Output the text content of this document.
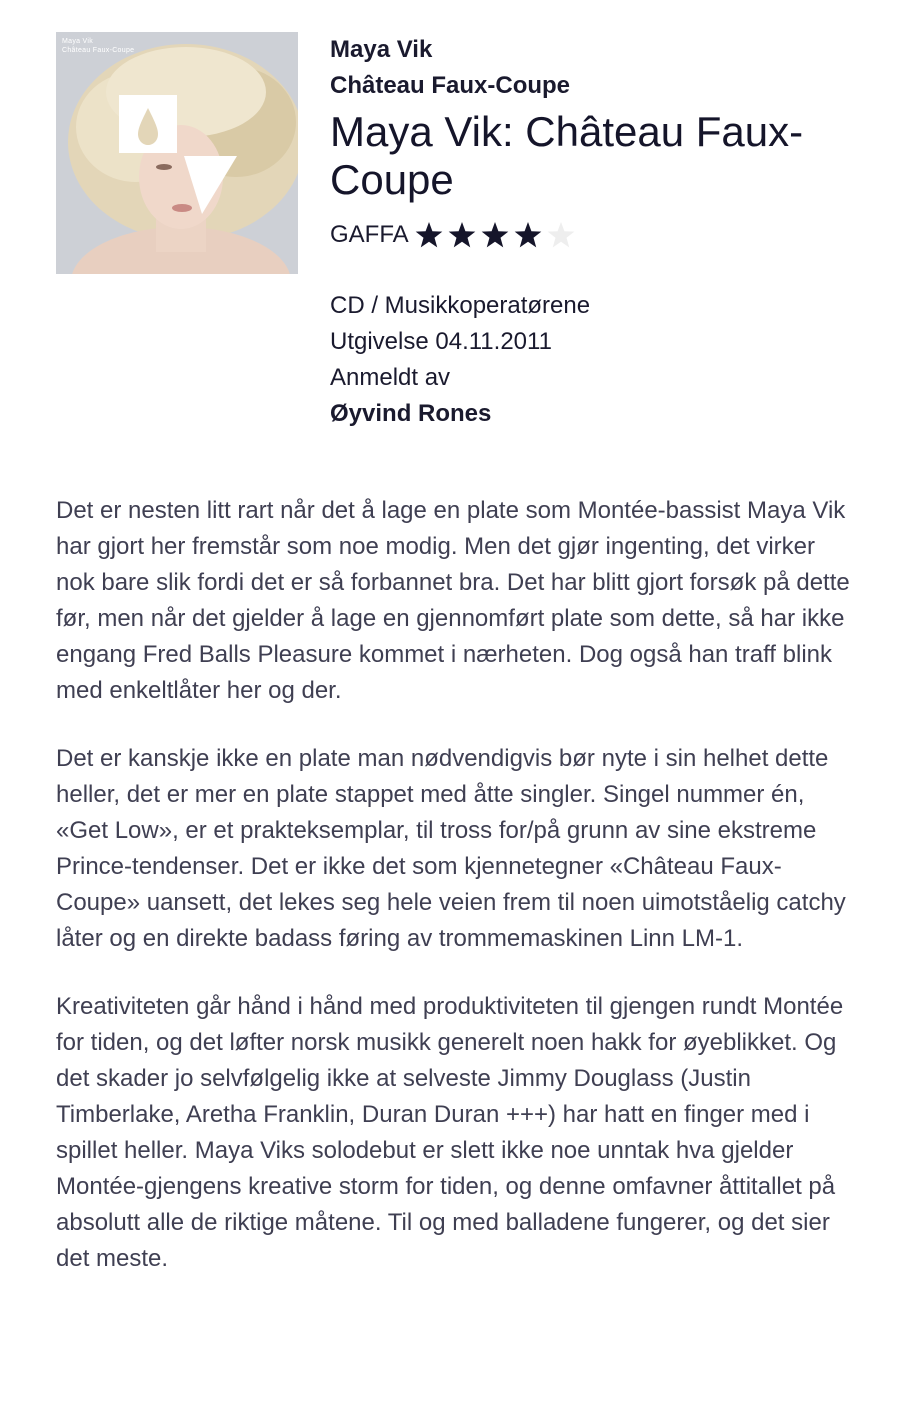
Maya Vik
Château Faux-Coupe	Maya Vik
Château Faux-Coupe
Maya Vik: Château Faux-Coupe
GAFFA
CD / Musikkoperatørene
Utgivelse 04.11.2011
Anmeldt av
Øyvind Rones

Det er nesten litt rart når det å lage en plate som Montée-bassist Maya Vik har gjort her fremstår som noe modig. Men det gjør ingenting, det virker nok bare slik fordi det er så forbannet bra. Det har blitt gjort forsøk på dette før, men når det gjelder å lage en gjennomført plate som dette, så har ikke engang Fred Balls Pleasure kommet i nærheten. Dog også han traff blink med enkeltlåter her og der.

Det er kanskje ikke en plate man nødvendigvis bør nyte i sin helhet dette heller, det er mer en plate stappet med åtte singler. Singel nummer én, «Get Low», er et prakteksemplar, til tross for/på grunn av sine ekstreme Prince-tendenser. Det er ikke det som kjennetegner «Château Faux-Coupe» uansett, det lekes seg hele veien frem til noen uimotståelig catchy låter og en direkte badass føring av trommemaskinen Linn LM-1.

Kreativiteten går hånd i hånd med produktiviteten til gjengen rundt Montée for tiden, og det løfter norsk musikk generelt noen hakk for øyeblikket. Og det skader jo selvfølgelig ikke at selveste Jimmy Douglass (Justin Timberlake, Aretha Franklin, Duran Duran +++) har hatt en finger med i spillet heller. Maya Viks solodebut er slett ikke noe unntak hva gjelder Montée-gjengens kreative storm for tiden, og denne omfavner åttitallet på absolutt alle de riktige måtene. Til og med balladene fungerer, og det sier det meste.
